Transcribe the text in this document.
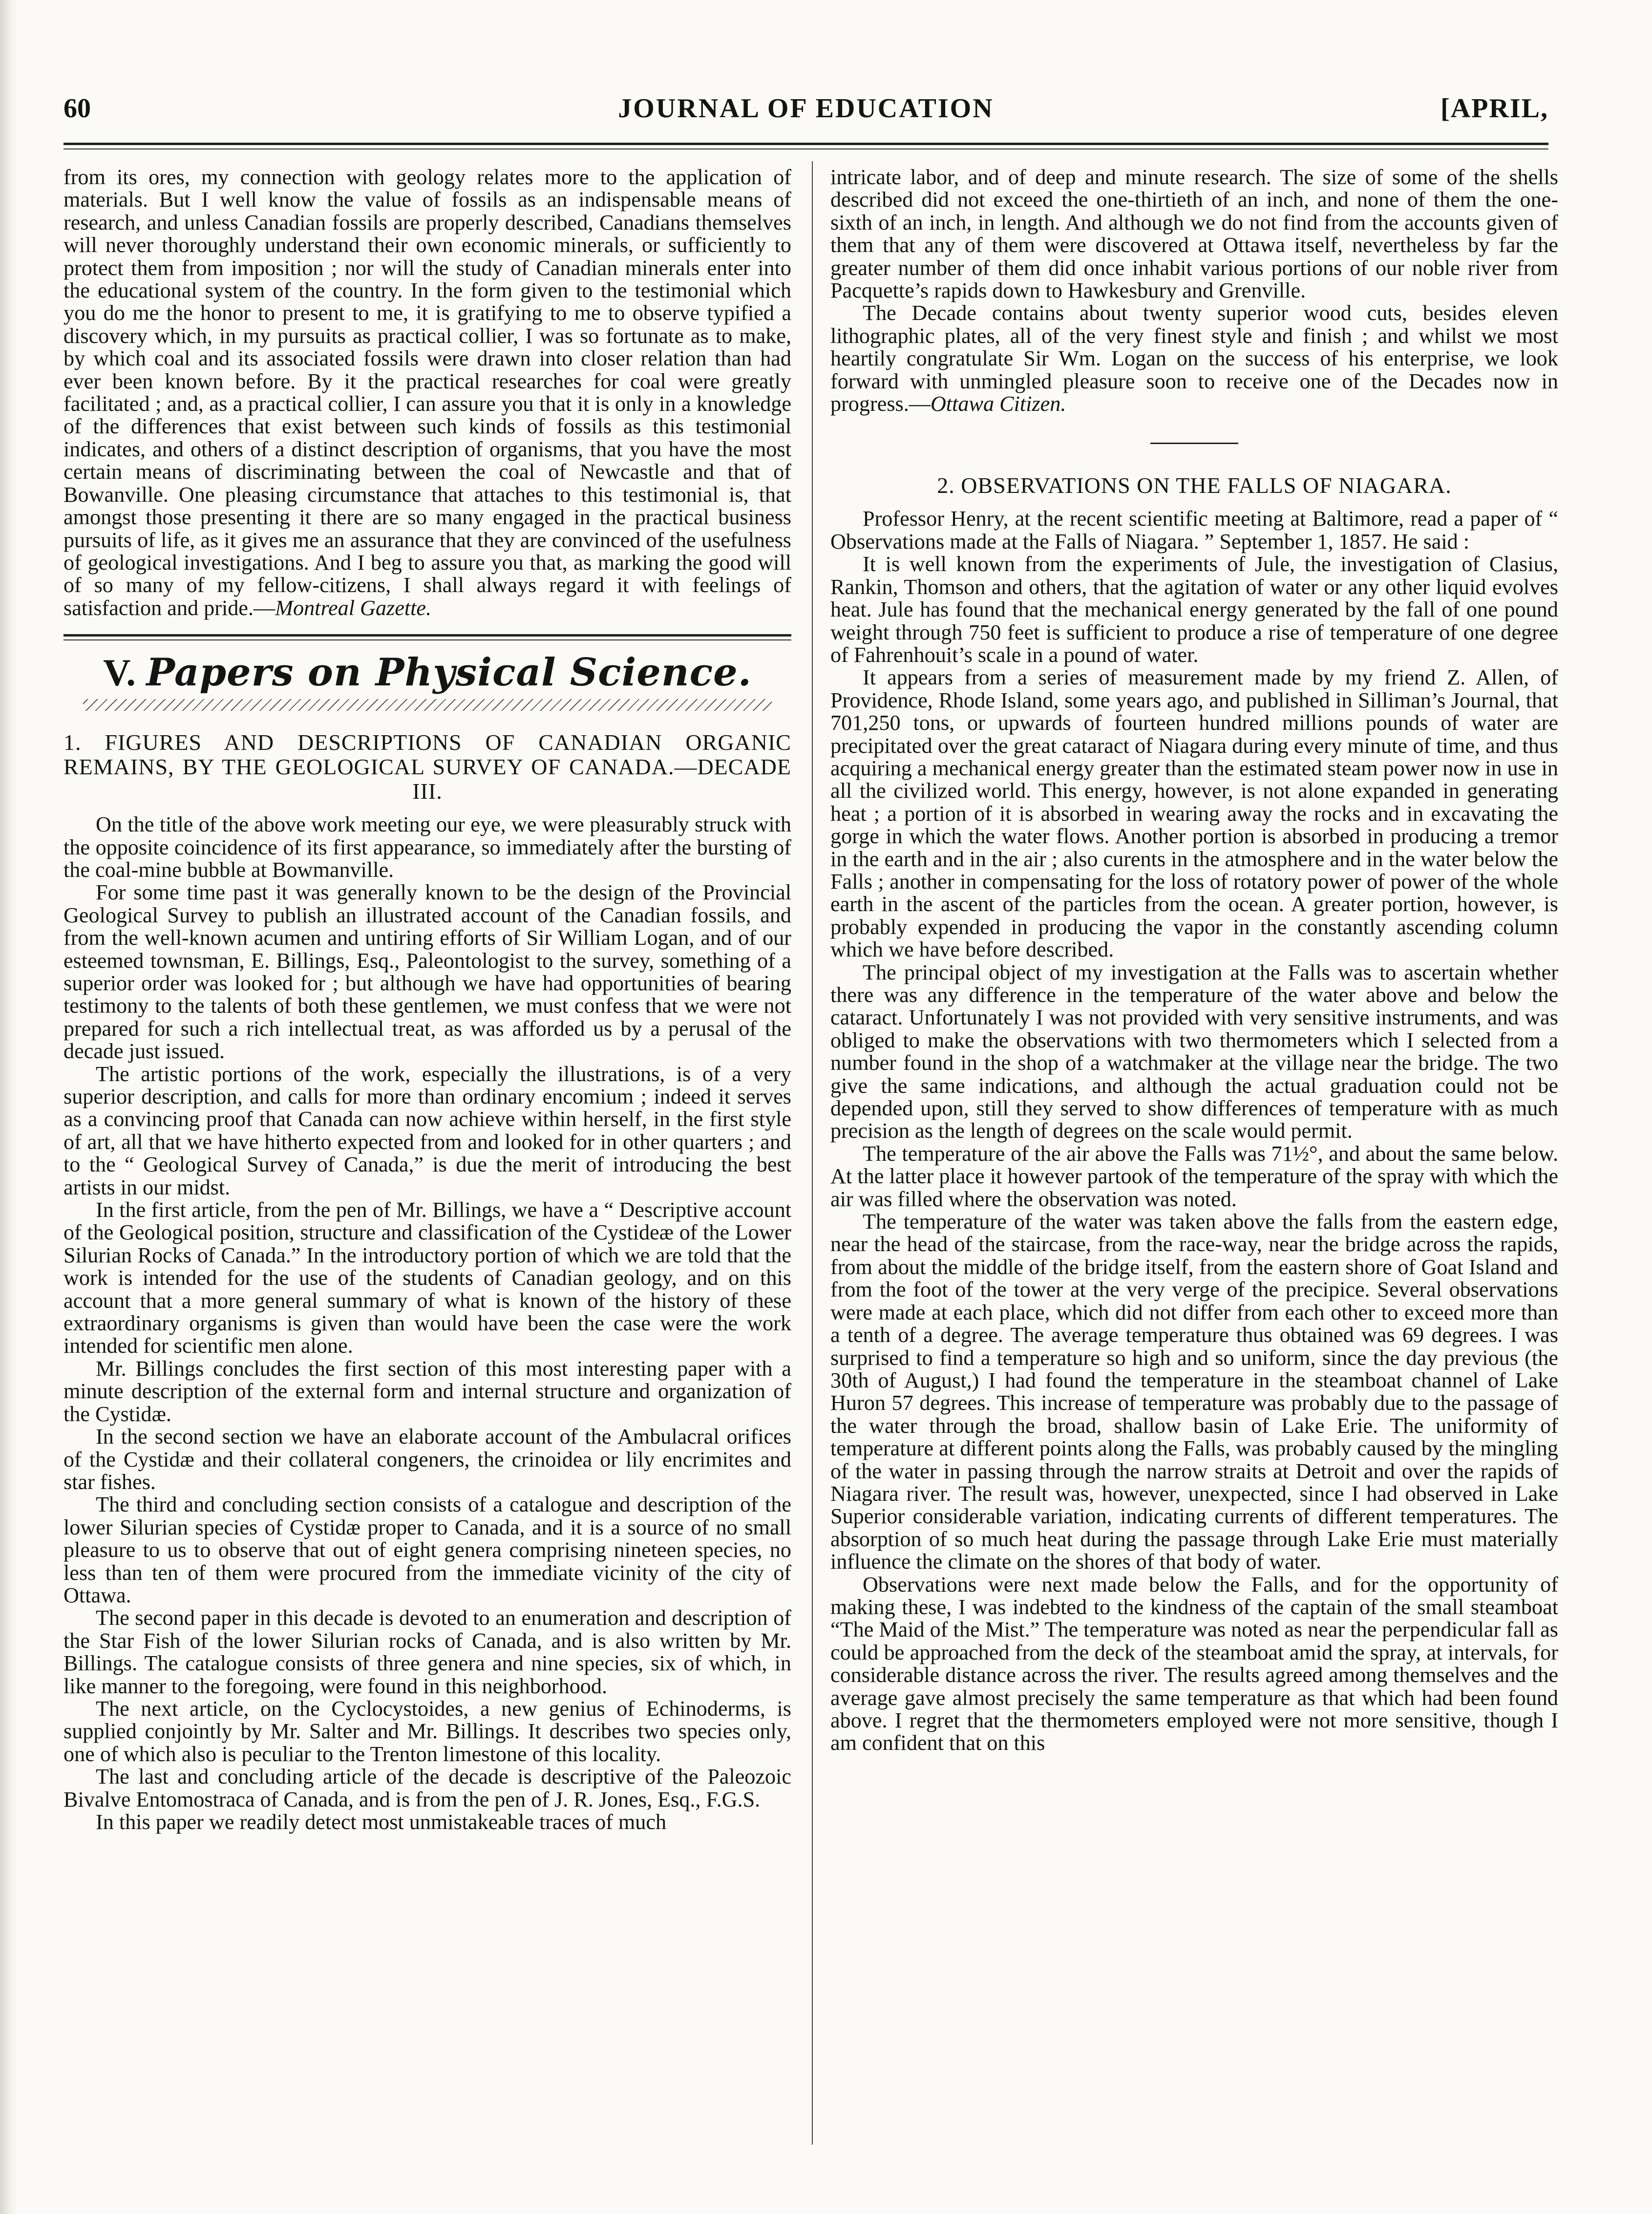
60	JOURNAL OF EDUCATION	[APRIL,

from its ores, my connection with geology relates more to the application of materials. But I well know the value of fossils as an indispensable means of research, and unless Canadian fossils are properly described, Canadians themselves will never thoroughly understand their own economic minerals, or sufficiently to protect them from imposition ; nor will the study of Canadian minerals enter into the educational system of the country. In the form given to the testimonial which you do me the honor to present to me, it is gratifying to me to observe typified a discovery which, in my pursuits as practical collier, I was so fortunate as to make, by which coal and its associated fossils were drawn into closer relation than had ever been known before. By it the practical researches for coal were greatly facilitated ; and, as a practical collier, I can assure you that it is only in a knowledge of the differences that exist between such kinds of fossils as this testimonial indicates, and others of a distinct description of organisms, that you have the most certain means of discriminating between the coal of Newcastle and that of Bowanville. One pleasing circumstance that attaches to this testimonial is, that amongst those presenting it there are so many engaged in the practical business pursuits of life, as it gives me an assurance that they are convinced of the usefulness of geological investigations. And I beg to assure you that, as marking the good will of so many of my fellow-citizens, I shall always regard it with feelings of satisfaction and pride.—Montreal Gazette.

V. Papers on Physical Science.
1. FIGURES AND DESCRIPTIONS OF CANADIAN ORGANIC REMAINS, BY THE GEOLOGICAL SURVEY OF CANADA.—DECADE III.

On the title of the above work meeting our eye, we were pleasurably struck with the opposite coincidence of its first appearance, so immediately after the bursting of the coal-mine bubble at Bowmanville.

For some time past it was generally known to be the design of the Provincial Geological Survey to publish an illustrated account of the Canadian fossils, and from the well-known acumen and untiring efforts of Sir William Logan, and of our esteemed townsman, E. Billings, Esq., Paleontologist to the survey, something of a superior order was looked for ; but although we have had opportunities of bearing testimony to the talents of both these gentlemen, we must confess that we were not prepared for such a rich intellectual treat, as was afforded us by a perusal of the decade just issued.

The artistic portions of the work, especially the illustrations, is of a very superior description, and calls for more than ordinary encomium ; indeed it serves as a convincing proof that Canada can now achieve within herself, in the first style of art, all that we have hitherto expected from and looked for in other quarters ; and to the “ Geological Survey of Canada,” is due the merit of introducing the best artists in our midst.

In the first article, from the pen of Mr. Billings, we have a “ Descriptive account of the Geological position, structure and classification of the Cystideæ of the Lower Silurian Rocks of Canada.” In the introductory portion of which we are told that the work is intended for the use of the students of Canadian geology, and on this account that a more general summary of what is known of the history of these extraordinary organisms is given than would have been the case were the work intended for scientific men alone.

Mr. Billings concludes the first section of this most interesting paper with a minute description of the external form and internal structure and organization of the Cystidæ.

In the second section we have an elaborate account of the Ambulacral orifices of the Cystidæ and their collateral congeners, the crinoidea or lily encrimites and star fishes.

The third and concluding section consists of a catalogue and description of the lower Silurian species of Cystidæ proper to Canada, and it is a source of no small pleasure to us to observe that out of eight genera comprising nineteen species, no less than ten of them were procured from the immediate vicinity of the city of Ottawa.

The second paper in this decade is devoted to an enumeration and description of the Star Fish of the lower Silurian rocks of Canada, and is also written by Mr. Billings. The catalogue consists of three genera and nine species, six of which, in like manner to the foregoing, were found in this neighborhood.

The next article, on the Cyclocystoides, a new genius of Echinoderms, is supplied conjointly by Mr. Salter and Mr. Billings. It describes two species only, one of which also is peculiar to the Trenton limestone of this locality.

The last and concluding article of the decade is descriptive of the Paleozoic Bivalve Entomostraca of Canada, and is from the pen of J. R. Jones, Esq., F.G.S.

In this paper we readily detect most unmistakeable traces of much

intricate labor, and of deep and minute research. The size of some of the shells described did not exceed the one-thirtieth of an inch, and none of them the one-sixth of an inch, in length. And although we do not find from the accounts given of them that any of them were discovered at Ottawa itself, nevertheless by far the greater number of them did once inhabit various portions of our noble river from Pacquette’s rapids down to Hawkesbury and Grenville.

The Decade contains about twenty superior wood cuts, besides eleven lithographic plates, all of the very finest style and finish ; and whilst we most heartily congratulate Sir Wm. Logan on the success of his enterprise, we look forward with unmingled pleasure soon to receive one of the Decades now in progress.—Ottawa Citizen.

2. OBSERVATIONS ON THE FALLS OF NIAGARA.

Professor Henry, at the recent scientific meeting at Baltimore, read a paper of “ Observations made at the Falls of Niagara. ” September 1, 1857. He said :

It is well known from the experiments of Jule, the investigation of Clasius, Rankin, Thomson and others, that the agitation of water or any other liquid evolves heat. Jule has found that the mechanical energy generated by the fall of one pound weight through 750 feet is sufficient to produce a rise of temperature of one degree of Fahrenhouit’s scale in a pound of water.

It appears from a series of measurement made by my friend Z. Allen, of Providence, Rhode Island, some years ago, and published in Silliman’s Journal, that 701,250 tons, or upwards of fourteen hundred millions pounds of water are precipitated over the great cataract of Niagara during every minute of time, and thus acquiring a mechanical energy greater than the estimated steam power now in use in all the civilized world. This energy, however, is not alone expanded in generating heat ; a portion of it is absorbed in wearing away the rocks and in excavating the gorge in which the water flows. Another portion is absorbed in producing a tremor in the earth and in the air ; also curents in the atmosphere and in the water below the Falls ; another in compensating for the loss of rotatory power of power of the whole earth in the ascent of the particles from the ocean. A greater portion, however, is probably expended in producing the vapor in the constantly ascending column which we have before described.

The principal object of my investigation at the Falls was to ascertain whether there was any difference in the temperature of the water above and below the cataract. Unfortunately I was not provided with very sensitive instruments, and was obliged to make the observations with two thermometers which I selected from a number found in the shop of a watchmaker at the village near the bridge. The two give the same indications, and although the actual graduation could not be depended upon, still they served to show differences of temperature with as much precision as the length of degrees on the scale would permit.

The temperature of the air above the Falls was 71½°, and about the same below. At the latter place it however partook of the temperature of the spray with which the air was filled where the observation was noted.

The temperature of the water was taken above the falls from the eastern edge, near the head of the staircase, from the race-way, near the bridge across the rapids, from about the middle of the bridge itself, from the eastern shore of Goat Island and from the foot of the tower at the very verge of the precipice. Several observations were made at each place, which did not differ from each other to exceed more than a tenth of a degree. The average temperature thus obtained was 69 degrees. I was surprised to find a temperature so high and so uniform, since the day previous (the 30th of August,) I had found the temperature in the steamboat channel of Lake Huron 57 degrees. This increase of temperature was probably due to the passage of the water through the broad, shallow basin of Lake Erie. The uniformity of temperature at different points along the Falls, was probably caused by the mingling of the water in passing through the narrow straits at Detroit and over the rapids of Niagara river. The result was, however, unexpected, since I had observed in Lake Superior considerable variation, indicating currents of different temperatures. The absorption of so much heat during the passage through Lake Erie must materially influence the climate on the shores of that body of water.

Observations were next made below the Falls, and for the opportunity of making these, I was indebted to the kindness of the captain of the small steamboat “The Maid of the Mist.” The temperature was noted as near the perpendicular fall as could be approached from the deck of the steamboat amid the spray, at intervals, for considerable distance across the river. The results agreed among themselves and the average gave almost precisely the same temperature as that which had been found above. I regret that the thermometers employed were not more sensitive, though I am confident that on this
